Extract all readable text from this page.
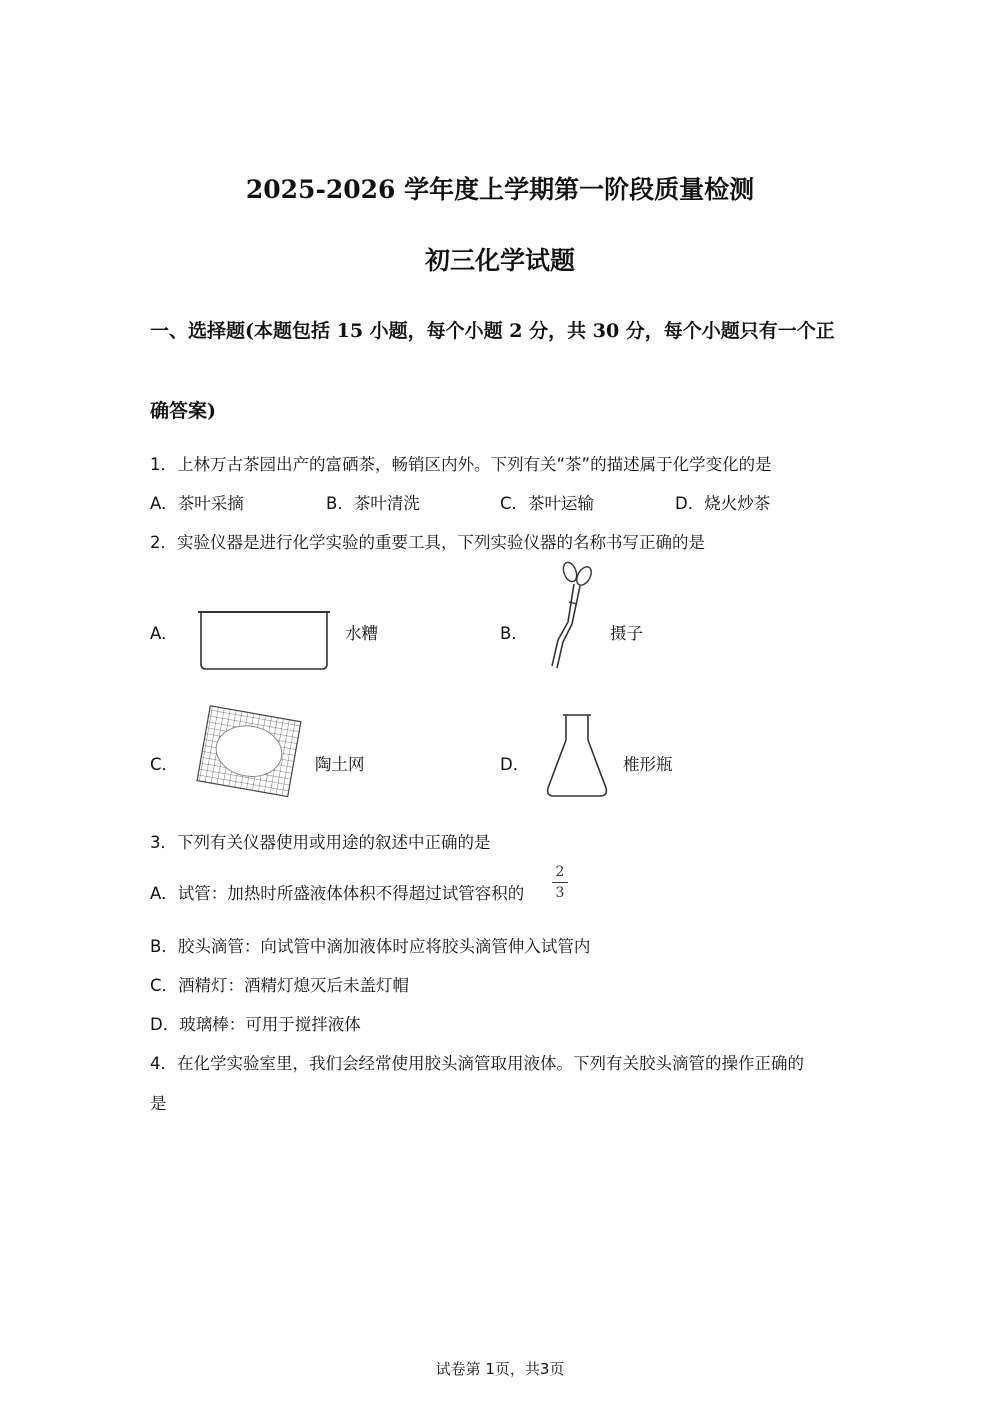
2025-2026 学年度上学期第一阶段质量检测
初三化学试题
一、选择题(本题包括 15 小题，每个小题 2 分，共 30 分，每个小题只有一个正
确答案)
1．上林万古茶园出产的富硒茶，畅销区内外。下列有关“茶”的描述属于化学变化的是
A．茶叶采摘	B．茶叶清洗	C．茶叶运输	D．烧火炒茶
2．实验仪器是进行化学实验的重要工具，下列实验仪器的名称书写正确的是
A．	水糟	B．	摄子
C．	陶土网	D．	椎形瓶
3．下列有关仪器使用或用途的叙述中正确的是
A．试管：加热时所盛液体体积不得超过试管容积的
2
3
B．胶头滴管：向试管中滴加液体时应将胶头滴管伸入试管内
C．酒精灯：酒精灯熄灭后未盖灯帽
D．玻璃棒：可用于搅拌液体
4．在化学实验室里，我们会经常使用胶头滴管取用液体。下列有关胶头滴管的操作正确的
是
试卷第 1页，共3页
